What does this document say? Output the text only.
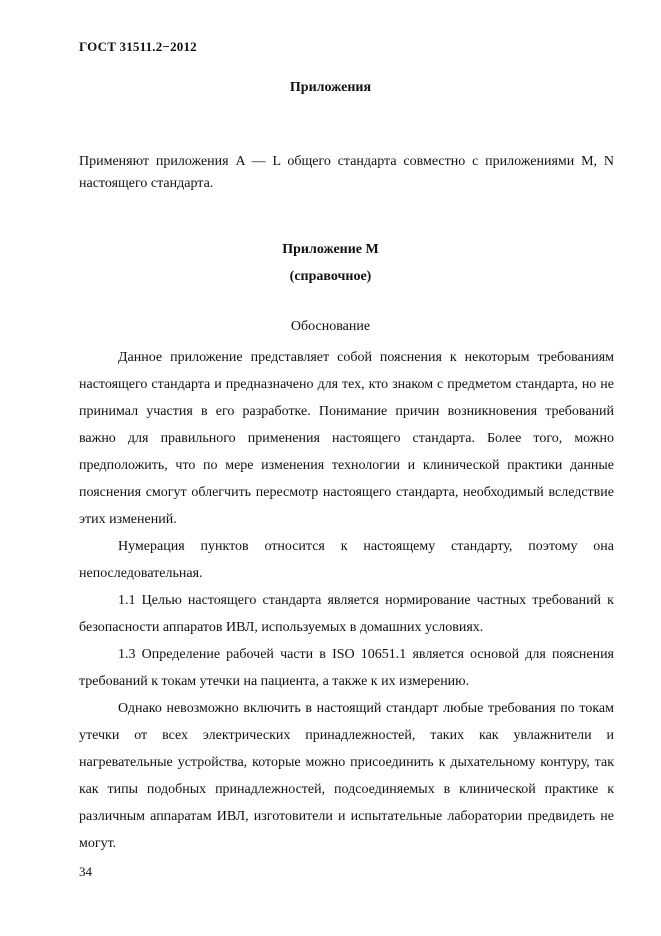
ГОСТ 31511.2−2012
Приложения
Применяют приложения A — L общего стандарта совместно с приложениями M, N настоящего стандарта.
Приложение M
(справочное)
Обоснование

Данное приложение представляет собой пояснения к некоторым требованиям настоящего стандарта и предназначено для тех, кто знаком с предметом стандарта, но не принимал участия в его разработке. Понимание причин возникновения требований важно для правильного применения настоящего стандарта. Более того, можно предположить, что по мере изменения технологии и клинической практики данные пояснения смогут облегчить пересмотр настоящего стандарта, необходимый вследствие этих изменений.

Нумерация пунктов относится к настоящему стандарту, поэтому она непоследовательная.

1.1 Целью настоящего стандарта является нормирование частных требований к безопасности аппаратов ИВЛ, используемых в домашних условиях.

1.3 Определение рабочей части в ISO 10651.1 является основой для пояснения требований к токам утечки на пациента, а также к их измерению.

Однако невозможно включить в настоящий стандарт любые требования по токам утечки от всех электрических принадлежностей, таких как увлажнители и нагревательные устройства, которые можно присоединить к дыхательному контуру, так как типы подобных принадлежностей, подсоединяемых в клинической практике к различным аппаратам ИВЛ, изготовители и испытательные лаборатории предвидеть не могут.

34
